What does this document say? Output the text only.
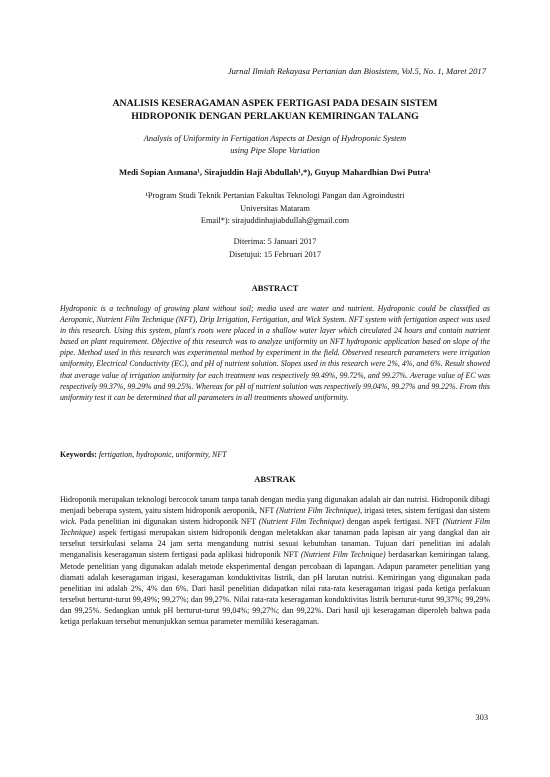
Jurnal Ilmiah Rekayasa Pertanian dan Biosistem, Vol.5, No. 1, Maret 2017
ANALISIS KESERAGAMAN ASPEK FERTIGASI PADA DESAIN SISTEM
HIDROPONIK DENGAN PERLAKUAN KEMIRINGAN TALANG
Analysis of Uniformity in Fertigation Aspects at Design of Hydroponic System
using Pipe Slope Variation
Medi Sopian Asmana¹, Sirajuddin Haji Abdullah¹,*), Guyup Mahardhian Dwi Putra¹
¹Program Studi Teknik Pertanian Fakultas Teknologi Pangan dan Agroindustri
Universitas Mataram
Email*): sirajuddinhajiabdullah@gmail.com
Diterima: 5 Januari 2017
Disetujui: 15 Februari 2017
ABSTRACT

Hydroponic is a technology of growing plant without soil; media used are water and nutrient. Hydroponic could be classified as Aeroponic, Nutrient Film Technique (NFT), Drip Irrigation, Fertigation, and Wick System. NFT system with fertigation aspect was used in this research. Using this system, plant's roots were placed in a shallow water layer which circulated 24 hours and contain nutrient based on plant requirement. Objective of this research was to analyze uniformity on NFT hydroponic application based on slope of the pipe. Method used in this research was experimental method by experiment in the field. Observed research parameters were irrigation uniformity, Electrical Conductivity (EC), and pH of nutrient solution. Slopes used in this research were 2%, 4%, and 6%. Result showed that average value of irrigation uniformity for each treatment was respectively 99.49%, 99.72%, and 99.27%. Average value of EC was respectively 99.37%, 99.29% and 99.25%. Whereas for pH of nutrient solution was respectively 99.04%, 99.27% and 99.22%. From this uniformity test it can be determined that all parameters in all treatments showed uniformity.

Keywords: fertigation, hydroponic, uniformity, NFT
ABSTRAK

Hidroponik merupakan teknologi bercocok tanam tanpa tanah dengan media yang digunakan adalah air dan nutrisi. Hidroponik dibagi menjadi beberapa system, yaitu sistem hidroponik aeroponik, NFT (Nutrient Film Technique), irigasi tetes, sistem fertigasi dan sistem wick. Pada penelitian ini digunakan sistem hidroponik NFT (Nutrient Film Technique) dengan aspek fertigasi. NFT (Nutrient Film Technique) aspek fertigasi merupakan sistem hidroponik dengan meletakkan akar tanaman pada lapisan air yang dangkal dan air tersebut tersirkulasi selama 24 jam serta mengandung nutrisi sesuai kebutuhan tanaman. Tujuan dari penelitian ini adalah menganalisis keseragaman sistem fertigasi pada aplikasi hidroponik NFT (Nutrient Film Technique) berdasarkan kemiringan talang. Metode penelitian yang digunakan adalah metode eksperimental dengan percobaan di lapangan. Adapun parameter penelitian yang diamati adalah keseragaman irigasi, keseragaman konduktivitas listrik, dan pH larutan nutrisi. Kemiringan yang digunakan pada penelitian ini adalah 2%, 4% dan 6%. Dari hasil penelitian didapatkan nilai rata-rata keseragaman irigasi pada ketiga perlakuan tersebut berturut-turut 99,49%; 99,27%; dan 99,27%. Nilai rata-rata keseragaman konduktivitas listrik berturut-turut 99,37%; 99,29% dan 99,25%. Sedangkan untuk pH berturut-turut 99,04%; 99,27%; dan 99,22%. Dari hasil uji keseragaman diperoleh bahwa pada ketiga perlakuan tersebut menunjukkan semua parameter memiliki keseragaman.

303
